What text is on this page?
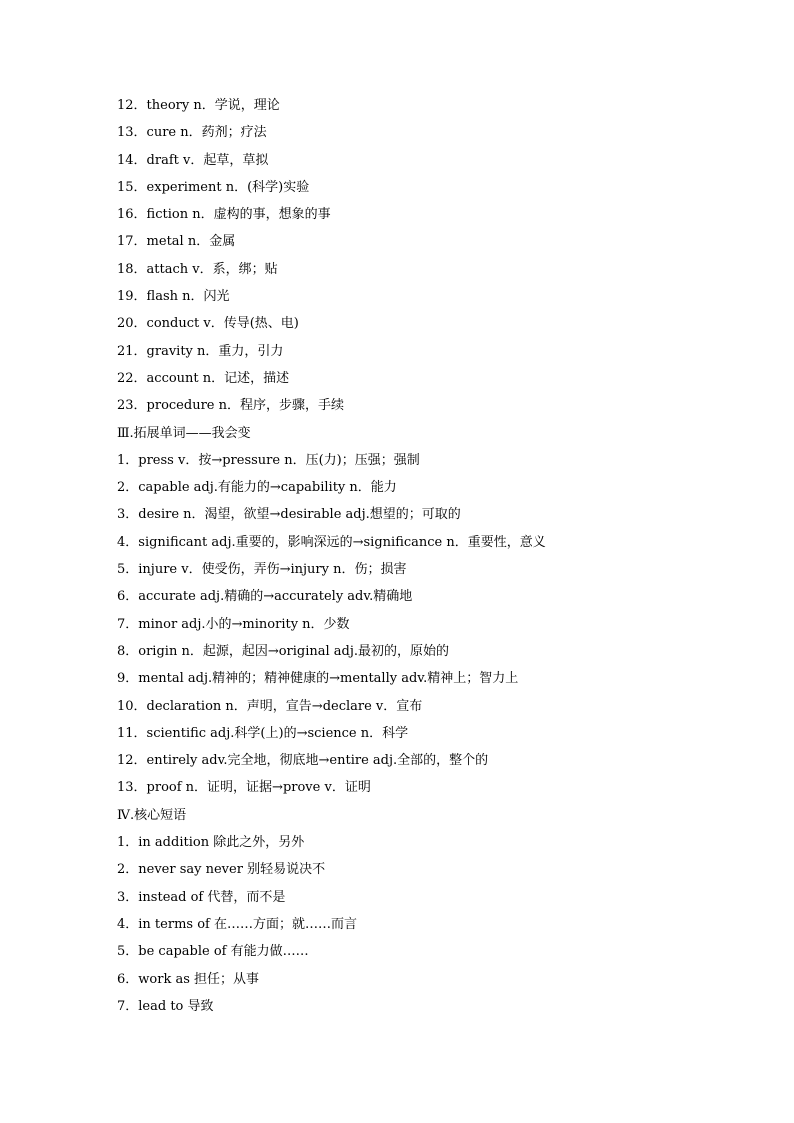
12．theory n．学说，理论
13．cure n．药剂；疗法
14．draft v．起草，草拟
15．experiment n．(科学)实验
16．fiction n．虚构的事，想象的事
17．metal n．金属
18．attach v．系，绑；贴
19．flash n．闪光
20．conduct v．传导(热、电)
21．gravity n．重力，引力
22．account n．记述，描述
23．procedure n．程序，步骤，手续
Ⅲ.拓展单词——我会变
1．press v．按→pressure n．压(力)；压强；强制
2．capable adj.有能力的→capability n．能力
3．desire n．渴望，欲望→desirable adj.想望的；可取的
4．significant adj.重要的，影响深远的→significance n．重要性，意义
5．injure v．使受伤，弄伤→injury n．伤；损害
6．accurate adj.精确的→accurately adv.精确地
7．minor adj.小的→minority n．少数
8．origin n．起源，起因→original adj.最初的，原始的
9．mental adj.精神的；精神健康的→mentally adv.精神上；智力上
10．declaration n．声明，宣告→declare v．宣布
11．scientific adj.科学(上)的→science n．科学
12．entirely adv.完全地，彻底地→entire adj.全部的，整个的
13．proof n．证明，证据→prove v．证明
Ⅳ.核心短语
1．in addition 除此之外，另外
2．never say never 别轻易说决不
3．instead of 代替，而不是
4．in terms of 在……方面；就……而言
5．be capable of 有能力做……
6．work as 担任；从事
7．lead to 导致
